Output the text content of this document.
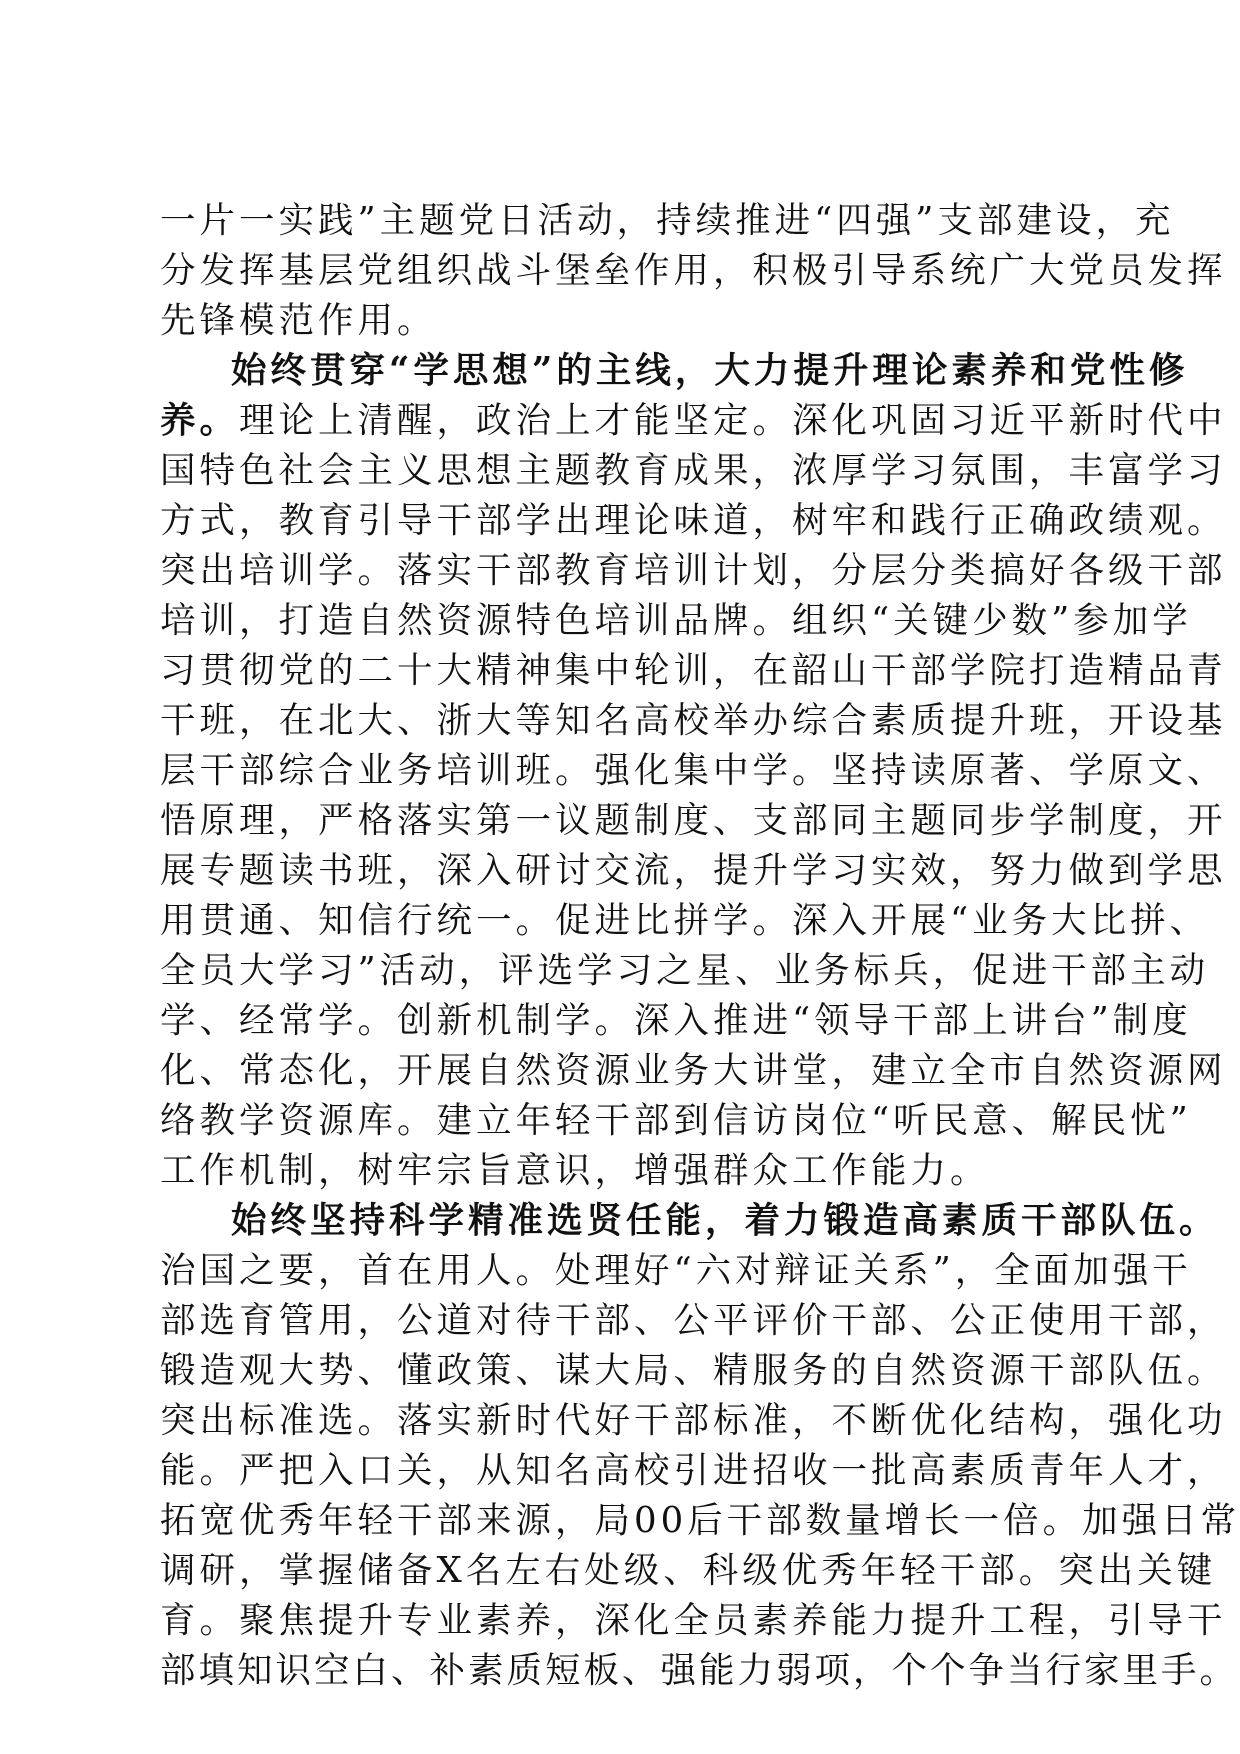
一片一实践”主题党日活动，持续推进“四强”支部建设，充
分发挥基层党组织战斗堡垒作用，积极引导系统广大党员发挥
先锋模范作用。
始终贯穿“学思想”的主线，大力提升理论素养和党性修
养。理论上清醒，政治上才能坚定。深化巩固习近平新时代中
国特色社会主义思想主题教育成果，浓厚学习氛围，丰富学习
方式，教育引导干部学出理论味道，树牢和践行正确政绩观。
突出培训学。落实干部教育培训计划，分层分类搞好各级干部
培训，打造自然资源特色培训品牌。组织“关键少数”参加学
习贯彻党的二十大精神集中轮训，在韶山干部学院打造精品青
干班，在北大、浙大等知名高校举办综合素质提升班，开设基
层干部综合业务培训班。强化集中学。坚持读原著、学原文、
悟原理，严格落实第一议题制度、支部同主题同步学制度，开
展专题读书班，深入研讨交流，提升学习实效，努力做到学思
用贯通、知信行统一。促进比拼学。深入开展“业务大比拼、
全员大学习”活动，评选学习之星、业务标兵，促进干部主动
学、经常学。创新机制学。深入推进“领导干部上讲台”制度
化、常态化，开展自然资源业务大讲堂，建立全市自然资源网
络教学资源库。建立年轻干部到信访岗位“听民意、解民忧”
工作机制，树牢宗旨意识，增强群众工作能力。
始终坚持科学精准选贤任能，着力锻造高素质干部队伍。
治国之要，首在用人。处理好“六对辩证关系”，全面加强干
部选育管用，公道对待干部、公平评价干部、公正使用干部，
锻造观大势、懂政策、谋大局、精服务的自然资源干部队伍。
突出标准选。落实新时代好干部标准，不断优化结构，强化功
能。严把入口关，从知名高校引进招收一批高素质青年人才，
拓宽优秀年轻干部来源，局00后干部数量增长一倍。加强日常
调研，掌握储备X名左右处级、科级优秀年轻干部。突出关键
育。聚焦提升专业素养，深化全员素养能力提升工程，引导干
部填知识空白、补素质短板、强能力弱项，个个争当行家里手。
